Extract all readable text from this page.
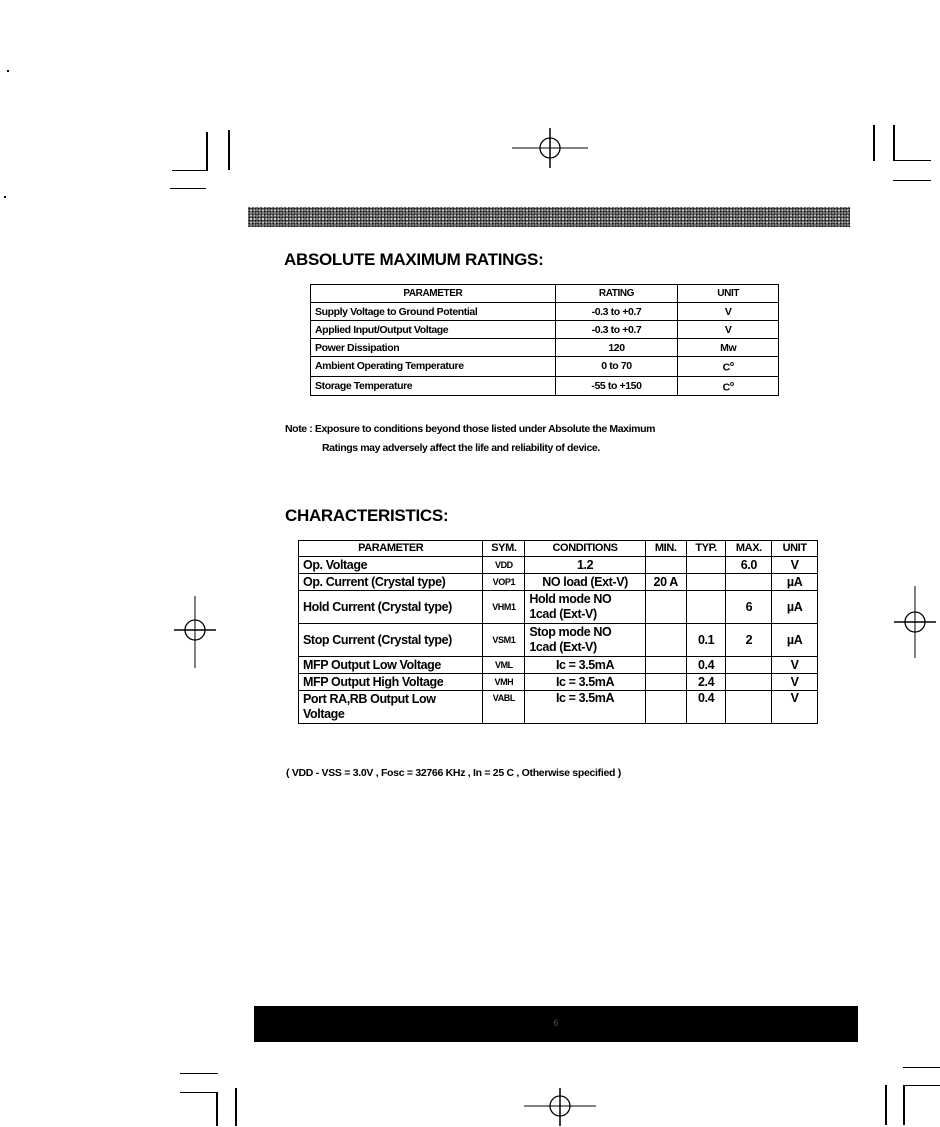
ABSOLUTE MAXIMUM RATINGS:
PARAMETER	RATING	UNIT
Supply Voltage to Ground Potential	-0.3 to +0.7	V
Applied Input/Output Voltage	-0.3 to +0.7	V
Power Dissipation	120	Mw
Ambient Operating Temperature	0 to 70	$C^o$
Storage Temperature	-55 to +150	$C^o$
Note : Exposure to conditions beyond those listed under Absolute the Maximum
Ratings may adversely affect the life and reliability of device.
CHARACTERISTICS:
PARAMETER	SYM.	CONDITIONS	MIN.	TYP.	MAX.	UNIT
Op. Voltage	VDD	1.2			6.0	V
Op. Current (Crystal type)	VOP1	NO load (Ext-V)	20 A			µA
Hold Current (Crystal type)	VHM1	Hold mode NO 1cad (Ext-V)			6	µA
Stop Current (Crystal type)	VSM1	Stop mode NO 1cad (Ext-V)		0.1	2	µA
MFP Output Low Voltage	VML	Ic = 3.5mA		0.4		V
MFP Output High Voltage	VMH	Ic = 3.5mA		2.4		V
Port RA,RB Output Low Voltage	VABL	Ic = 3.5mA		0.4		V
( VDD - VSS = 3.0V , Fosc = 32766 KHz , In = 25 C , Otherwise specified )
6
